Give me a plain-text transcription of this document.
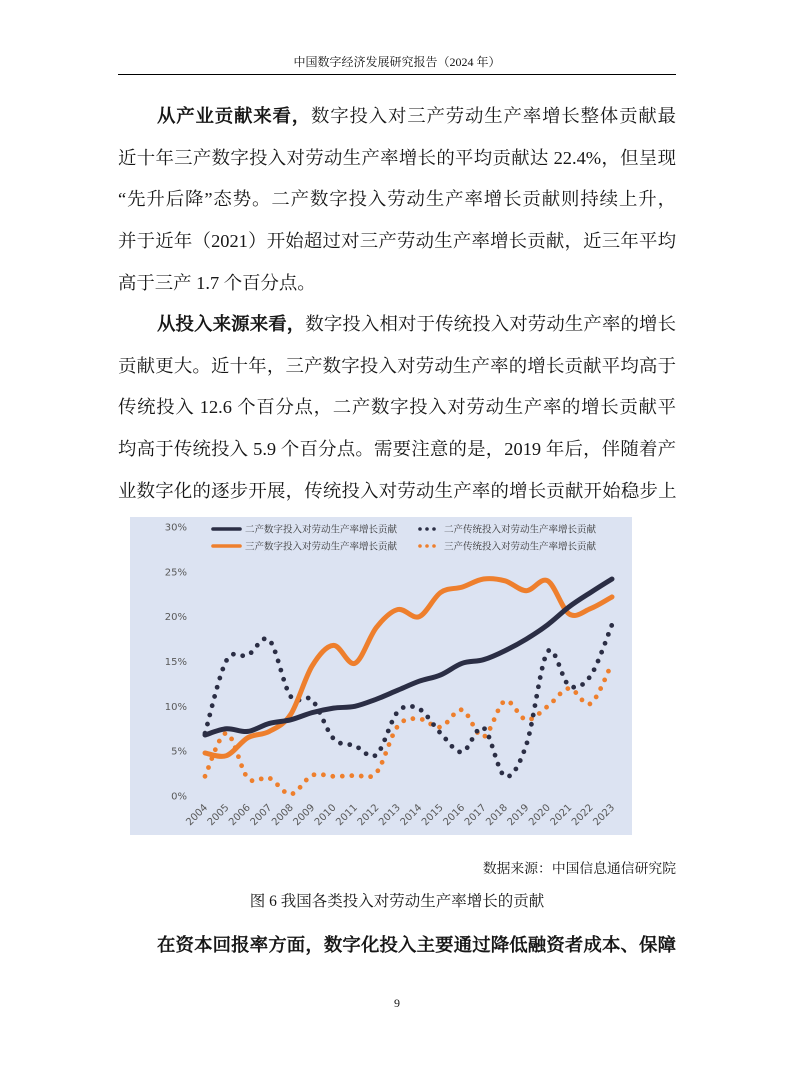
中国数字经济发展研究报告（2024 年）
从产业贡献来看，数字投入对三产劳动生产率增长整体贡献最
近十年三产数字投入对劳动生产率增长的平均贡献达 22.4%，但呈现
“先升后降”态势。二产数字投入劳动生产率增长贡献则持续上升，
并于近年（2021）开始超过对三产劳动生产率增长贡献，近三年平均
高于三产 1.7 个百分点。
从投入来源来看，数字投入相对于传统投入对劳动生产率的增长
贡献更大。近十年，三产数字投入对劳动生产率的增长贡献平均高于
传统投入 12.6 个百分点，二产数字投入对劳动生产率的增长贡献平
均高于传统投入 5.9 个百分点。需要注意的是，2019 年后，伴随着产
业数字化的逐步开展，传统投入对劳动生产率的增长贡献开始稳步上
0%
5%
10%
15%
20%
25%
30%
2004
2005
2006
2007
2008
2009
2010
2011
2012
2013
2014
2015
2016
2017
2018
2019
2020
2021
2022
2023
二产数字投入对劳动生产率增长贡献	二产传统投入对劳动生产率增长贡献
三产数字投入对劳动生产率增长贡献	三产传统投入对劳动生产率增长贡献
数据来源：中国信息通信研究院
图 6 我国各类投入对劳动生产率增长的贡献
在资本回报率方面，数字化投入主要通过降低融资者成本、保障
9
